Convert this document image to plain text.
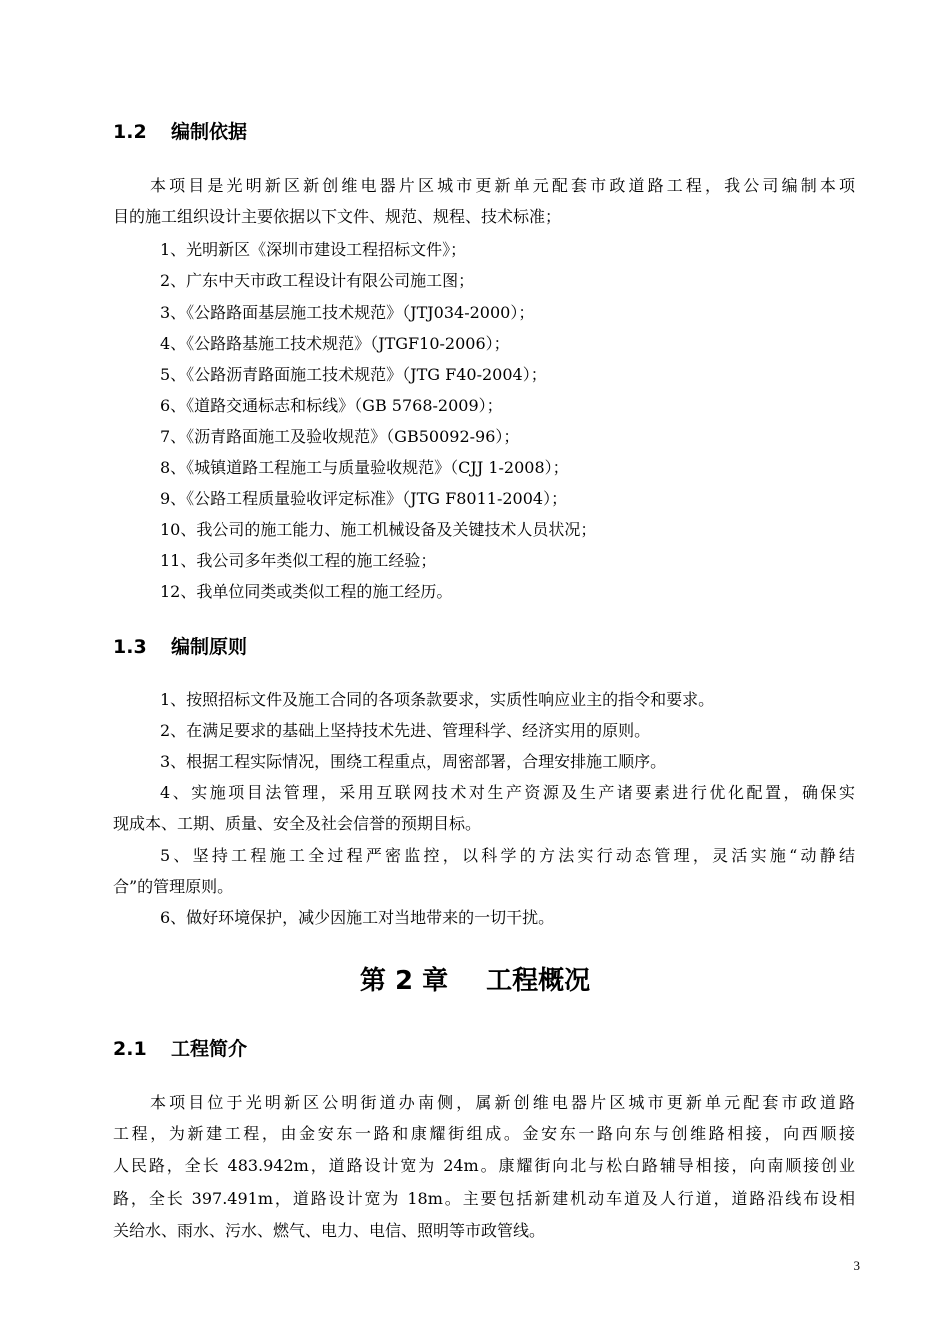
1.2 编制依据
本项目是光明新区新创维电器片区城市更新单元配套市政道路工程，我公司编制本项
目的施工组织设计主要依据以下文件、规范、规程、技术标准；
1、光明新区《深圳市建设工程招标文件》；
2、广东中天市政工程设计有限公司施工图；
3、《公路路面基层施工技术规范》（JTJ034-2000）；
4、《公路路基施工技术规范》（JTGF10-2006）；
5、《公路沥青路面施工技术规范》（JTG F40-2004）；
6、《道路交通标志和标线》（GB 5768-2009）；
7、《沥青路面施工及验收规范》（GB50092-96）；
8、《城镇道路工程施工与质量验收规范》（CJJ 1-2008）；
9、《公路工程质量验收评定标准》（JTG F8011-2004）；
10、我公司的施工能力、施工机械设备及关键技术人员状况；
11、我公司多年类似工程的施工经验；
12、我单位同类或类似工程的施工经历。
1.3 编制原则
1、按照招标文件及施工合同的各项条款要求，实质性响应业主的指令和要求。
2、在满足要求的基础上坚持技术先进、管理科学、经济实用的原则。
3、根据工程实际情况，围绕工程重点，周密部署，合理安排施工顺序。
4、实施项目法管理，采用互联网技术对生产资源及生产诸要素进行优化配置，确保实
现成本、工期、质量、安全及社会信誉的预期目标。
5、坚持工程施工全过程严密监控，以科学的方法实行动态管理，灵活实施“动静结
合”的管理原则。
6、做好环境保护，减少因施工对当地带来的一切干扰。
第 2 章 工程概况
2.1 工程简介
本项目位于光明新区公明街道办南侧，属新创维电器片区城市更新单元配套市政道路
工程，为新建工程，由金安东一路和康耀街组成。金安东一路向东与创维路相接，向西顺接
人民路，全长 483.942m，道路设计宽为 24m。康耀街向北与松白路辅导相接，向南顺接创业
路，全长 397.491m，道路设计宽为 18m。主要包括新建机动车道及人行道，道路沿线布设相
关给水、雨水、污水、燃气、电力、电信、照明等市政管线。
3
